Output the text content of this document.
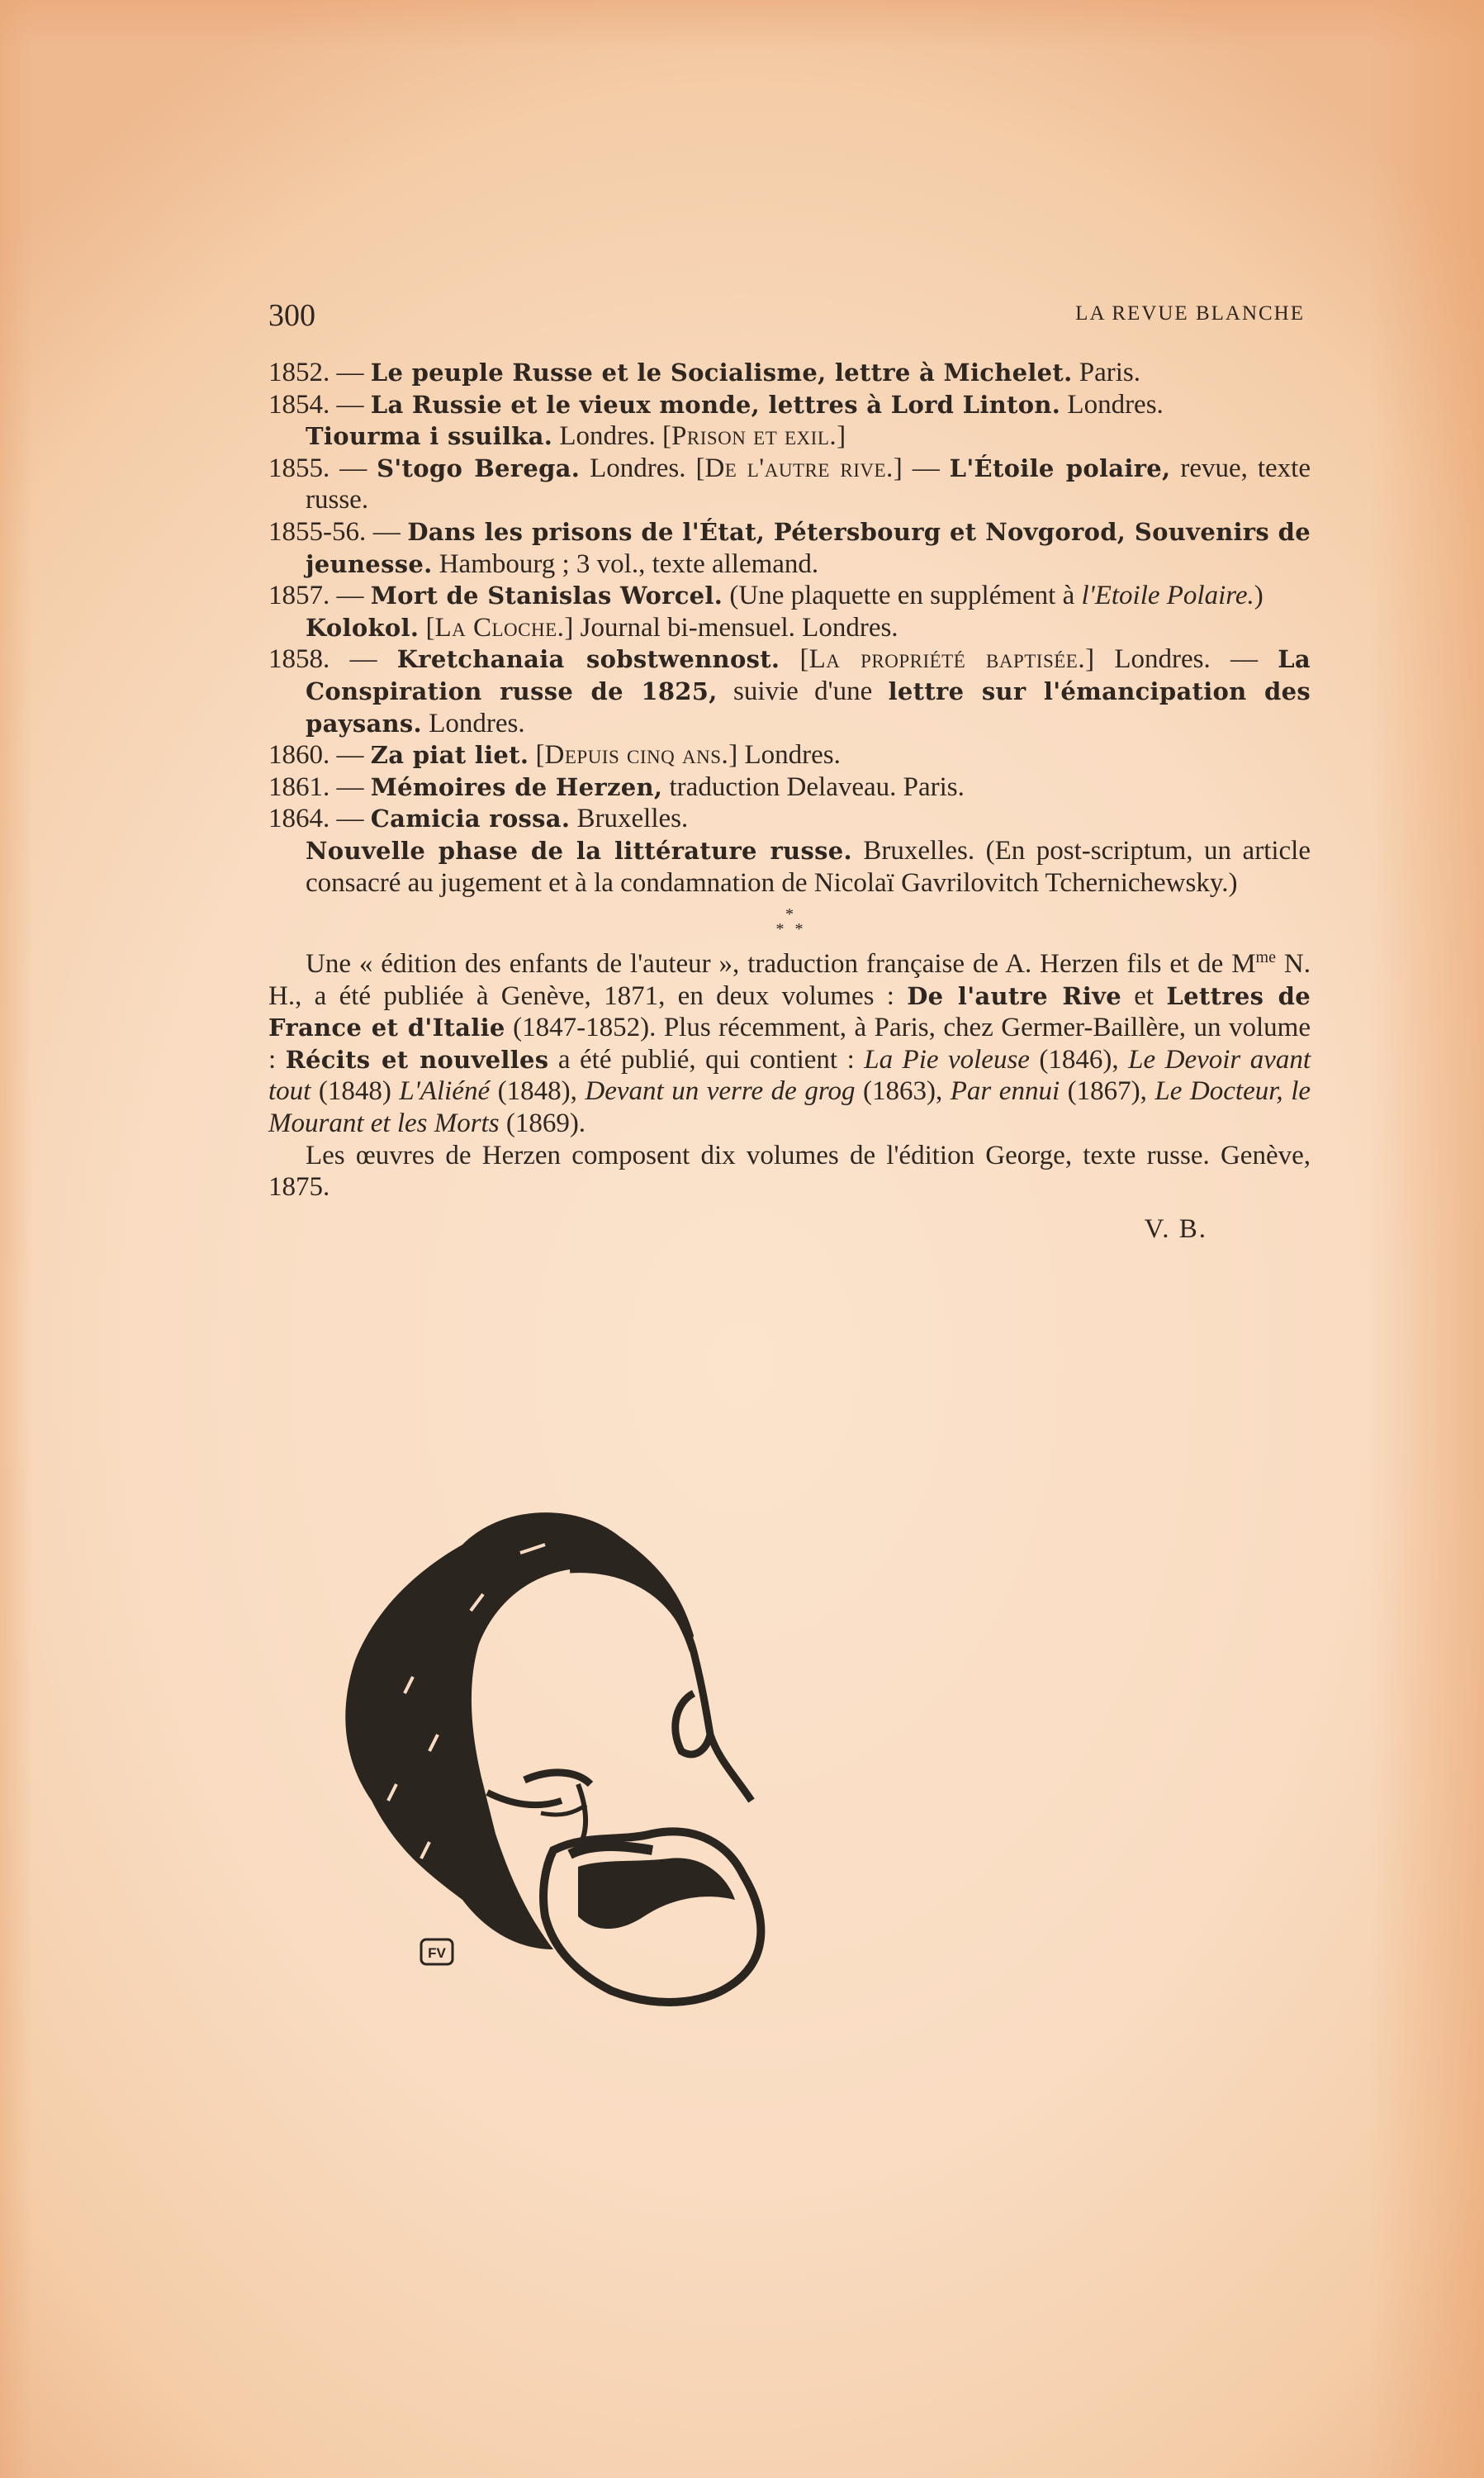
300	LA REVUE BLANCHE
1852. — Le peuple Russe et le Socialisme, lettre à Michelet. Paris.
1854. — La Russie et le vieux monde, lettres à Lord Linton. Londres.
Tiourma i ssuilka. Londres. [Prison et exil.]
1855. — S'togo Berega. Londres. [De l'autre rive.] — L'Étoile polaire, revue, texte russe.
1855-56. — Dans les prisons de l'État, Pétersbourg et Novgorod, Souvenirs de jeunesse. Hambourg ; 3 vol., texte allemand.
1857. — Mort de Stanislas Worcel. (Une plaquette en supplément à l'Etoile Polaire.)
Kolokol. [La Cloche.] Journal bi-mensuel. Londres.
1858. — Kretchanaia sobstwennost. [La propriété baptisée.] Londres. — La Conspiration russe de 1825, suivie d'une lettre sur l'émancipation des paysans. Londres.
1860. — Za piat liet. [Depuis cinq ans.] Londres.
1861. — Mémoires de Herzen, traduction Delaveau. Paris.
1864. — Camicia rossa. Bruxelles.
Nouvelle phase de la littérature russe. Bruxelles. (En post-scriptum, un article consacré au jugement et à la condamnation de Nicolaï Gavrilovitch Tchernichewsky.)
*
* *
Une « édition des enfants de l'auteur », traduction française de A. Herzen fils et de $M^{me}$ N. H., a été publiée à Genève, 1871, en deux volumes : De l'autre Rive et Lettres de France et d'Italie (1847-1852). Plus récemment, à Paris, chez Germer-Baillère, un volume : Récits et nouvelles a été publié, qui contient : La Pie voleuse (1846), Le Devoir avant tout (1848) L'Aliéné (1848), Devant un verre de grog (1863), Par ennui (1867), Le Docteur, le Mourant et les Morts (1869).
Les œuvres de Herzen composent dix volumes de l'édition George, texte russe. Genève, 1875.
V. B.
FV
